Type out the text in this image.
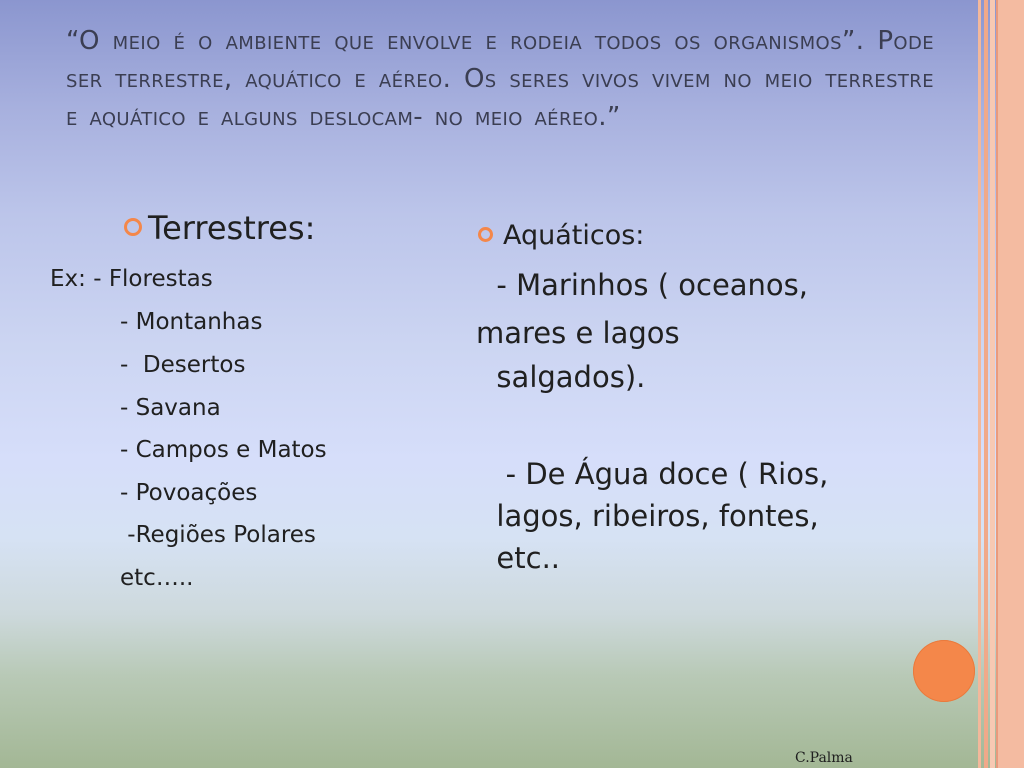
“O meio é o ambiente que envolve e rodeia todos os organismos”. Pode ser terrestre, aquático e aéreo. Os seres vivos vivem no meio terrestre e aquático e alguns deslocam- no meio aéreo.”
Terrestres:
Ex: - Florestas
- Montanhas
-  Desertos
- Savana
- Campos e Matos
- Povoações
-Regiões Polares
etc…..
Aquáticos:
- Marinhos ( oceanos,
mares e lagos
salgados).
- De Água doce ( Rios,
lagos, ribeiros, fontes,
etc..
C.Palma
